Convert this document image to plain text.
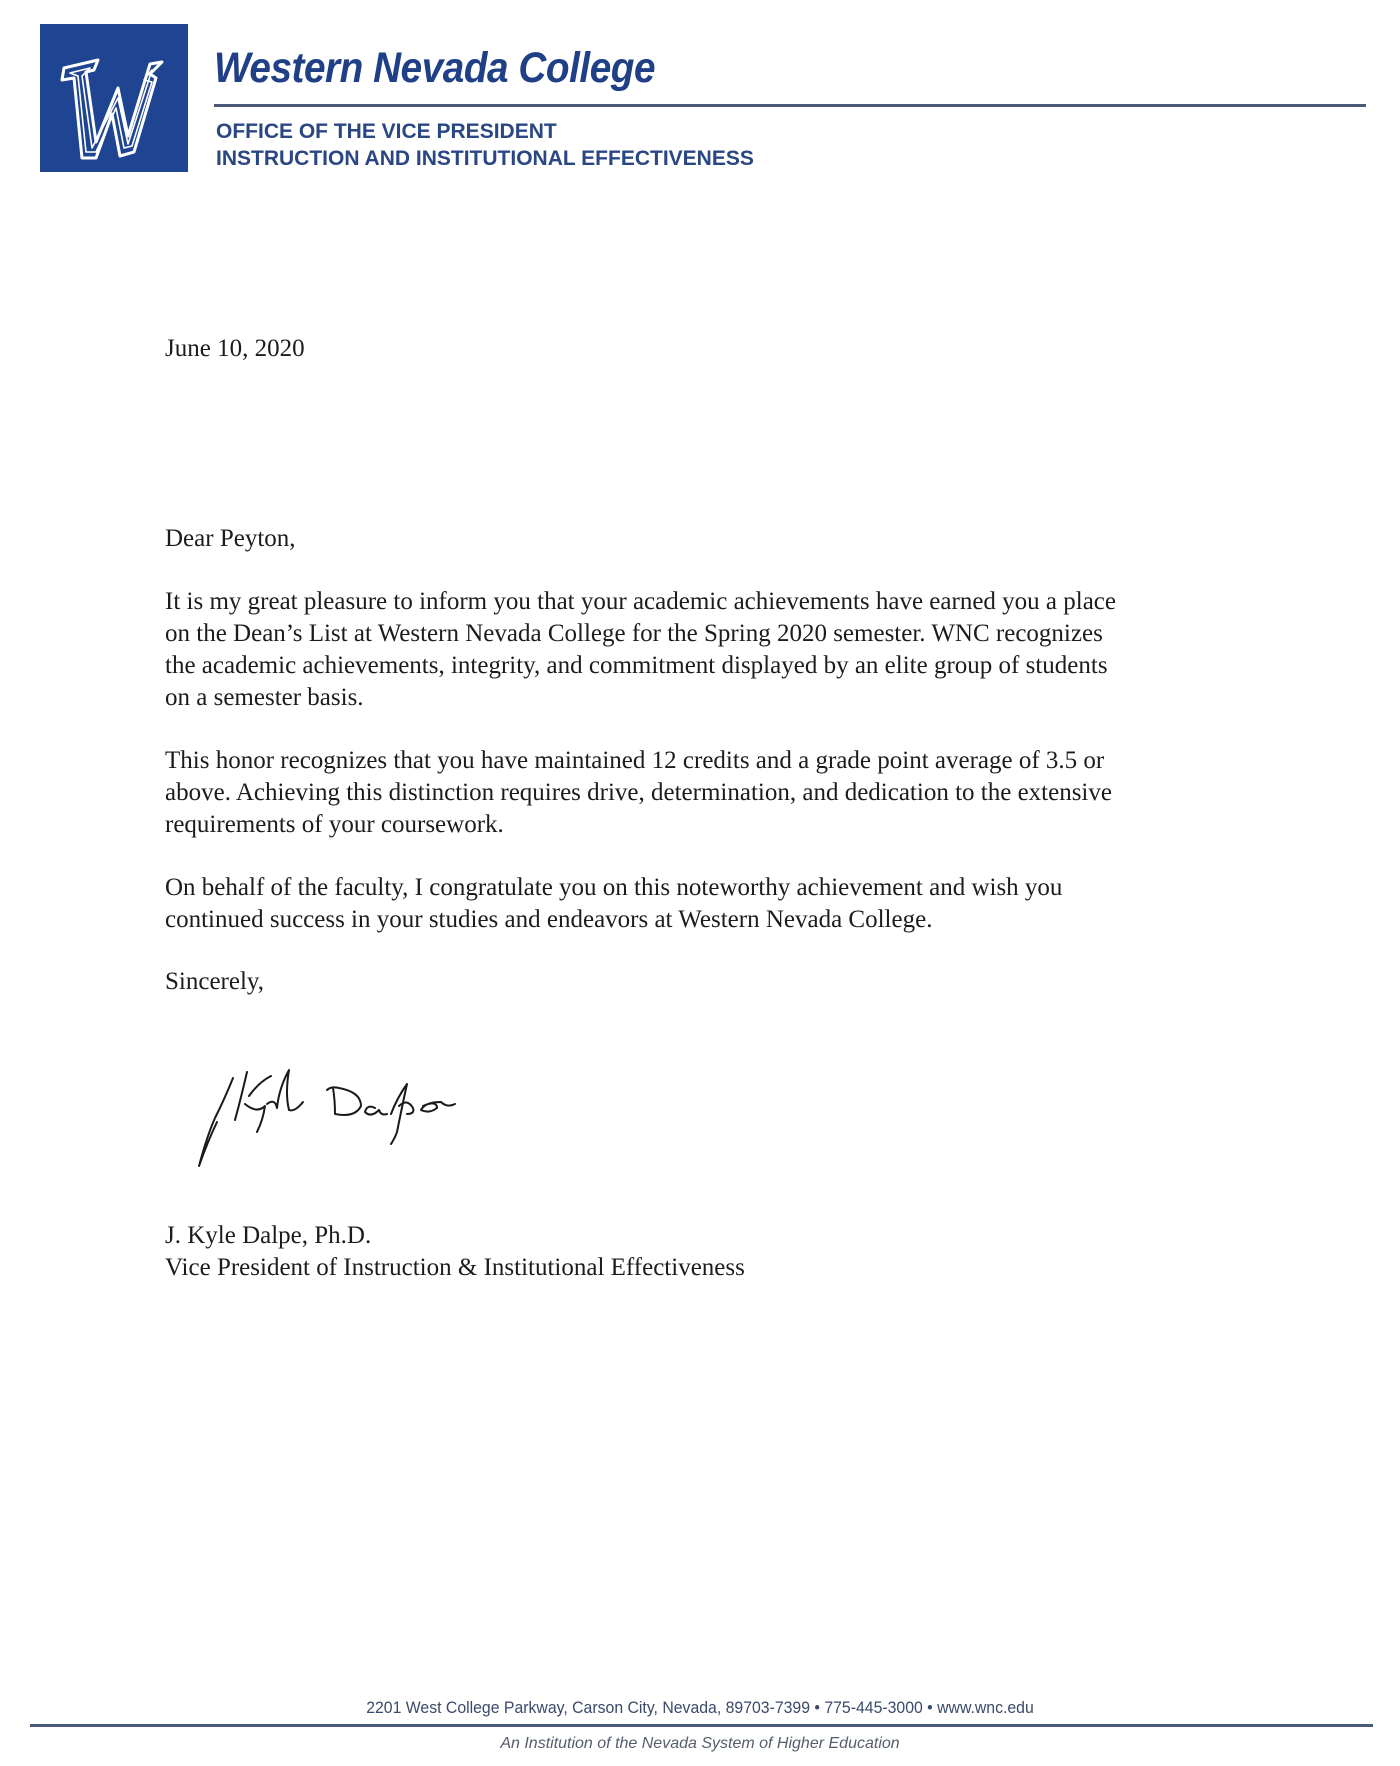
Western Nevada College
OFFICE OF THE VICE PRESIDENT
INSTRUCTION AND INSTITUTIONAL EFFECTIVENESS
June 10, 2020
Dear Peyton,
It is my great pleasure to inform you that your academic achievements have earned you a place
on the Dean’s List at Western Nevada College for the Spring 2020 semester. WNC recognizes
the academic achievements, integrity, and commitment displayed by an elite group of students
on a semester basis.
This honor recognizes that you have maintained 12 credits and a grade point average of 3.5 or
above. Achieving this distinction requires drive, determination, and dedication to the extensive
requirements of your coursework.
On behalf of the faculty, I congratulate you on this noteworthy achievement and wish you
continued success in your studies and endeavors at Western Nevada College.
Sincerely,
J. Kyle Dalpe, Ph.D.
Vice President of Instruction & Institutional Effectiveness
2201 West College Parkway, Carson City, Nevada, 89703-7399 • 775-445-3000 • www.wnc.edu
An Institution of the Nevada System of Higher Education
